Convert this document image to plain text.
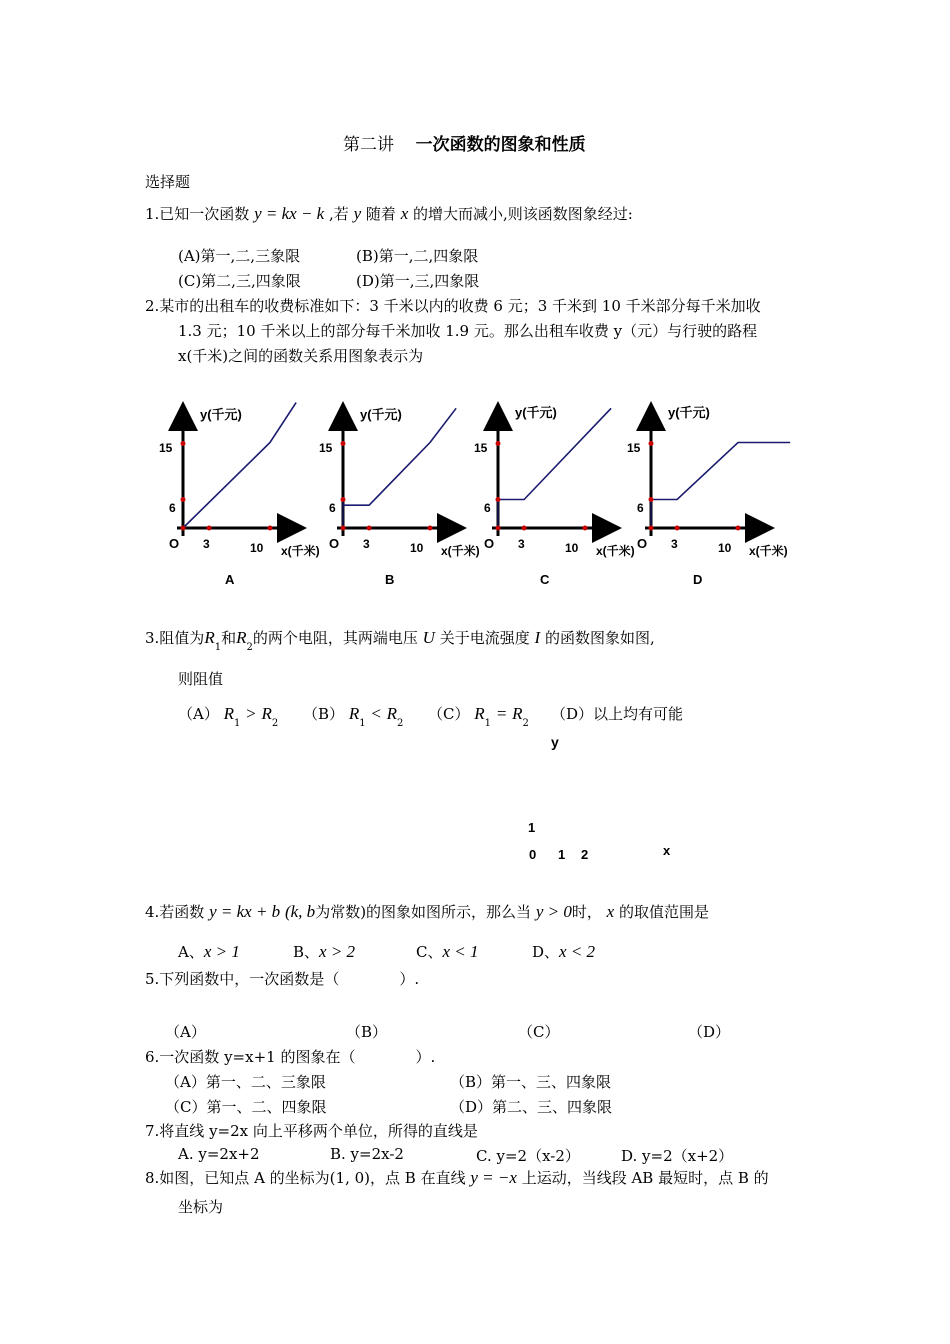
第二讲 一次函数的图象和性质
选择题
1.已知一次函数 y = kx − k ,若 y 随着 x 的增大而减小,则该函数图象经过:
(A)第一,二,三象限	(B)第一,二,四象限
(C)第二,三,四象限	(D)第一,三,四象限
2.某市的出租车的收费标准如下：3 千米以内的收费 6 元；3 千米到 10 千米部分每千米加收
1.3 元；10 千米以上的部分每千米加收 1.9 元。那么出租车收费 y（元）与行驶的路程
x(千米)之间的函数关系用图象表示为
y(千元)
15
6
O 3	10 x(千米)
A
y(千元)
15
6
O 3	10 x(千米)
B
y(千元)
15
6
O 3	10 x(千米)
C
y(千元)
15
6
O 3	10 x(千米)
D
3.阻值为$R_1$和$R_2$的两个电阻，其两端电压 U 关于电流强度 I 的函数图象如图,
则阻值
（A） $R_1 > R_2$
（B） $R_1 < R_2$
（C） $R_1 = R_2$
（D）以上均有可能
y
1
0 1 2	x
4.若函数 y = kx + b (k, b为常数)的图象如图所示，那么当 y > 0时， x 的取值范围是
A、x > 1	B、x > 2	C、x < 1	D、x < 2
5.下列函数中，一次函数是（　　　　）.
（A）	（B）	（C）	（D）
6.一次函数 y=x+1 的图象在（　　　　）.
（A）第一、二、三象限	（B）第一、三、四象限
（C）第一、二、四象限	（D）第二、三、四象限
7.将直线 y=2x 向上平移两个单位，所得的直线是
A. y=2x+2	B. y=2x-2	C. y=2（x-2）	D. y=2（x+2）
8.如图，已知点 A 的坐标为(1, 0)，点 B 在直线 y = −x 上运动，当线段 AB 最短时，点 B 的
坐标为
